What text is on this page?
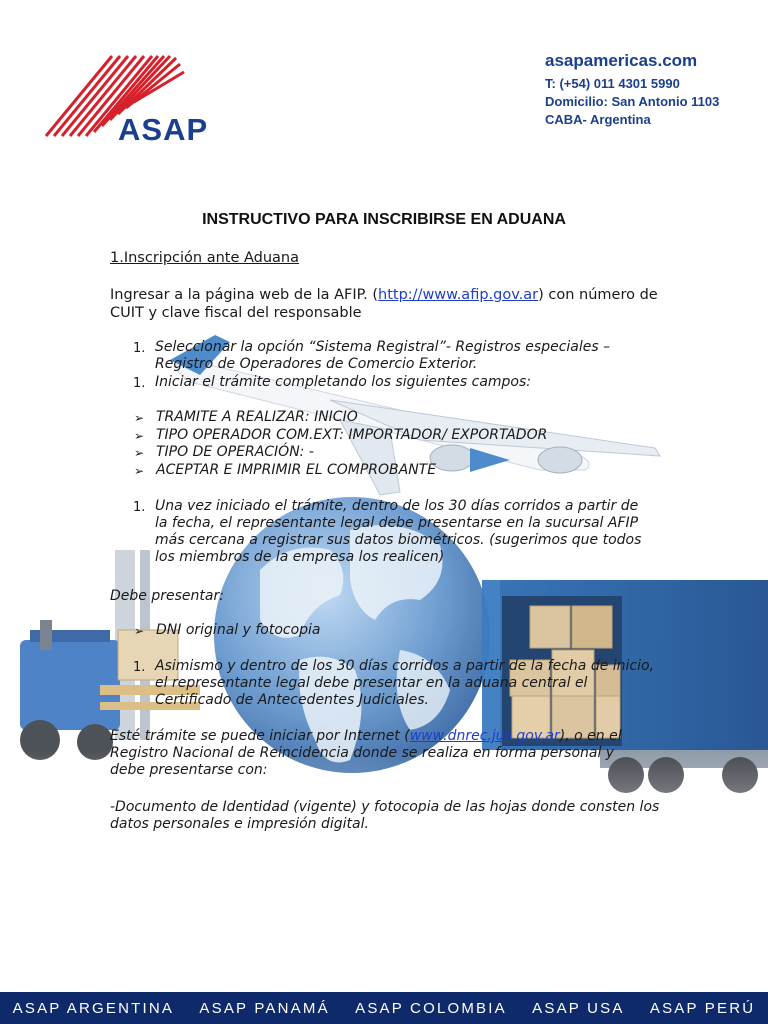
ASAP
asapamericas.com
T: (+54) 011 4301 5990
Domicilio: San Antonio 1103
CABA- Argentina
INSTRUCTIVO PARA INSCRIBIRSE EN ADUANA
1.Inscripción ante Aduana
Ingresar a la página web de la AFIP. (http://www.afip.gov.ar) con número de CUIT y clave fiscal del responsable
1. Seleccionar la opción “Sistema Registral”- Registros especiales – Registro de Operadores de Comercio Exterior.
1. Iniciar el trámite completando los siguientes campos:
➢ TRAMITE A REALIZAR: INICIO
➢ TIPO OPERADOR COM.EXT: IMPORTADOR/ EXPORTADOR
➢ TIPO DE OPERACIÓN: -
➢ ACEPTAR E IMPRIMIR EL COMPROBANTE
1. Una vez iniciado el trámite, dentro de los 30 días corridos a partir de la fecha, el representante legal debe presentarse en la sucursal AFIP más cercana a registrar sus datos biométricos. (sugerimos que todos los miembros de la empresa los realicen)
Debe presentar:
➢ DNI original y fotocopia
1. Asimismo y dentro de los 30 días corridos a partir de la fecha de inicio, el representante legal debe presentar en la aduana central el Certificado de Antecedentes Judiciales.
Esté trámite se puede iniciar por Internet (www.dnrec.jus.gov.ar), o en el Registro Nacional de Reincidencia donde se realiza en forma personal y debe presentarse con:
-Documento de Identidad (vigente) y fotocopia de las hojas donde consten los datos personales e impresión digital.
ASAP ARGENTINA ASAP PANAMÁ ASAP COLOMBIA ASAP USA ASAP PERÚ
